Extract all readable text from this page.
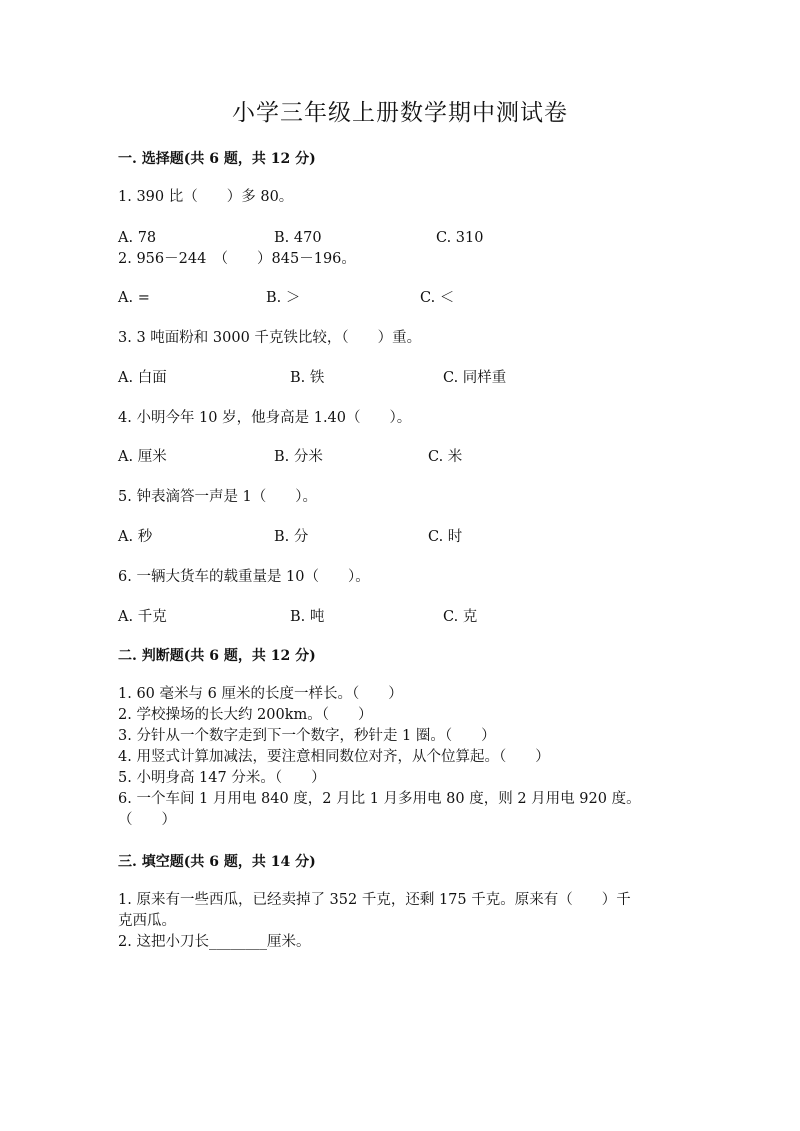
小学三年级上册数学期中测试卷
一. 选择题(共 6 题，共 12 分)
1. 390 比（　　）多 80。
A. 78	B. 470	C. 310
2. 956－244　（　　）845－196。
A. =	B. ＞	C. ＜
3. 3 吨面粉和 3000 千克铁比较，（　　）重。
A. 白面	B. 铁	C. 同样重
4. 小明今年 10 岁，他身高是 1.40（　　）。
A. 厘米	B. 分米	C. 米
5. 钟表滴答一声是 1（　　）。
A. 秒	B. 分	C. 时
6. 一辆大货车的载重量是 10（　　）。
A. 千克	B. 吨	C. 克
二. 判断题(共 6 题，共 12 分)
1. 60 毫米与 6 厘米的长度一样长。（　　）
2. 学校操场的长大约 200km。（　　）
3. 分针从一个数字走到下一个数字，秒针走 1 圈。（　　）
4. 用竖式计算加减法，要注意相同数位对齐，从个位算起。（　　）
5. 小明身高 147 分米。（　　）
6. 一个车间 1 月用电 840 度，2 月比 1 月多用电 80 度，则 2 月用电 920 度。
（　　）
三. 填空题(共 6 题，共 14 分)
1. 原来有一些西瓜，已经卖掉了 352 千克，还剩 175 千克。原来有（　　）千
克西瓜。
2. 这把小刀长________厘米。
